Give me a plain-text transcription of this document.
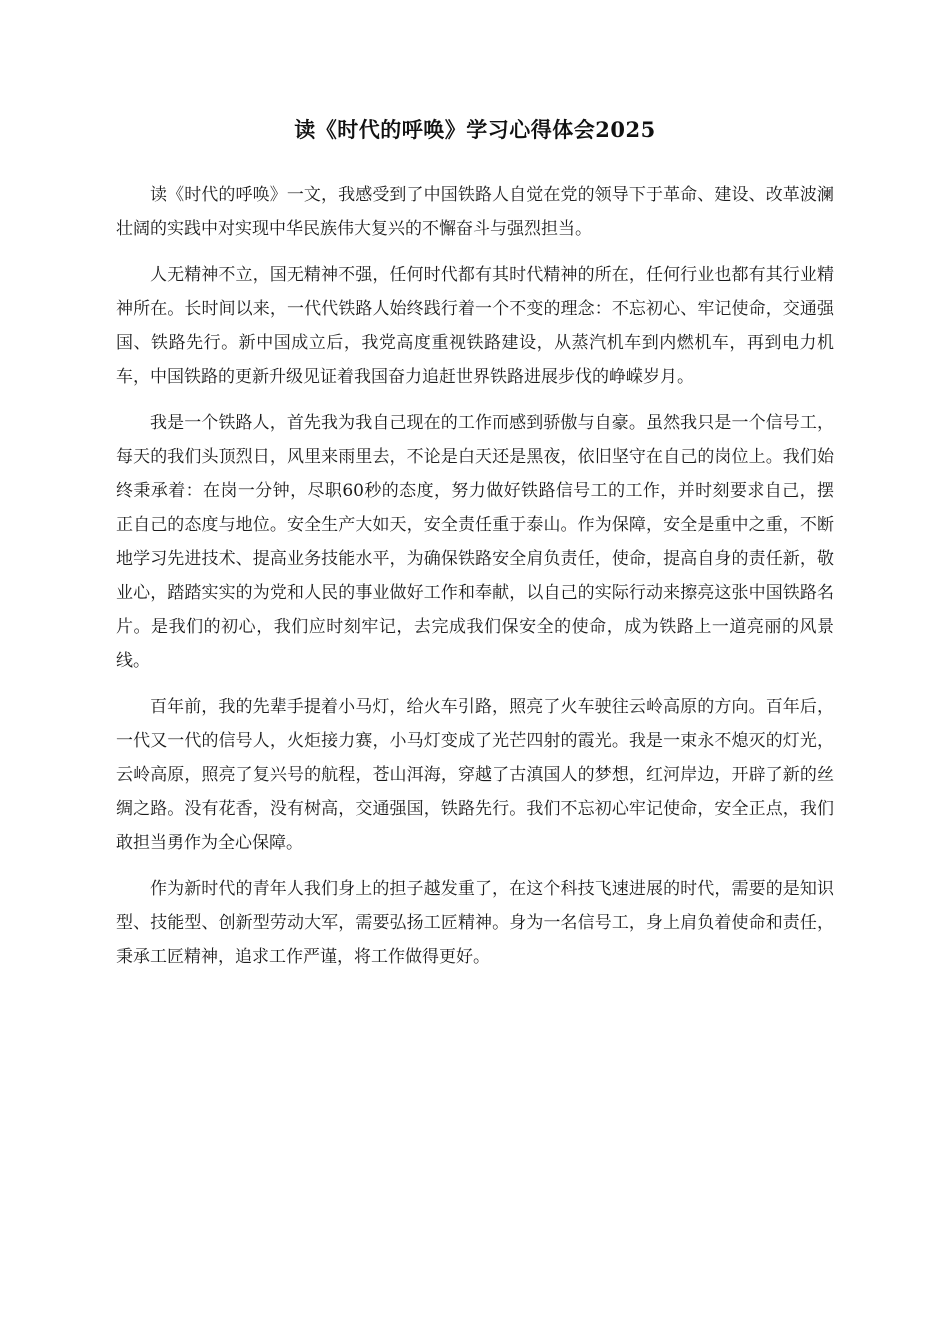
读《时代的呼唤》学习心得体会2025

读《时代的呼唤》一文，我感受到了中国铁路人自觉在党的领导下于革命、建设、改革波澜壮阔的实践中对实现中华民族伟大复兴的不懈奋斗与强烈担当。

人无精神不立，国无精神不强，任何时代都有其时代精神的所在，任何行业也都有其行业精神所在。长时间以来，一代代铁路人始终践行着一个不变的理念：不忘初心、牢记使命，交通强国、铁路先行。新中国成立后，我党高度重视铁路建设，从蒸汽机车到内燃机车，再到电力机车，中国铁路的更新升级见证着我国奋力追赶世界铁路进展步伐的峥嵘岁月。

我是一个铁路人，首先我为我自己现在的工作而感到骄傲与自豪。虽然我只是一个信号工，每天的我们头顶烈日，风里来雨里去，不论是白天还是黑夜，依旧坚守在自己的岗位上。我们始终秉承着：在岗一分钟，尽职60秒的态度，努力做好铁路信号工的工作，并时刻要求自己，摆正自己的态度与地位。安全生产大如天，安全责任重于泰山。作为保障，安全是重中之重，不断地学习先进技术、提高业务技能水平，为确保铁路安全肩负责任，使命，提高自身的责任新，敬业心，踏踏实实的为党和人民的事业做好工作和奉献，以自己的实际行动来擦亮这张中国铁路名片。是我们的初心，我们应时刻牢记，去完成我们保安全的使命，成为铁路上一道亮丽的风景线。

百年前，我的先辈手提着小马灯，给火车引路，照亮了火车驶往云岭高原的方向。百年后，一代又一代的信号人，火炬接力赛，小马灯变成了光芒四射的霞光。我是一束永不熄灭的灯光，云岭高原，照亮了复兴号的航程，苍山洱海，穿越了古滇国人的梦想，红河岸边，开辟了新的丝绸之路。没有花香，没有树高，交通强国，铁路先行。我们不忘初心牢记使命，安全正点，我们敢担当勇作为全心保障。

作为新时代的青年人我们身上的担子越发重了，在这个科技飞速进展的时代，需要的是知识型、技能型、创新型劳动大军，需要弘扬工匠精神。身为一名信号工，身上肩负着使命和责任，秉承工匠精神，追求工作严谨，将工作做得更好。
